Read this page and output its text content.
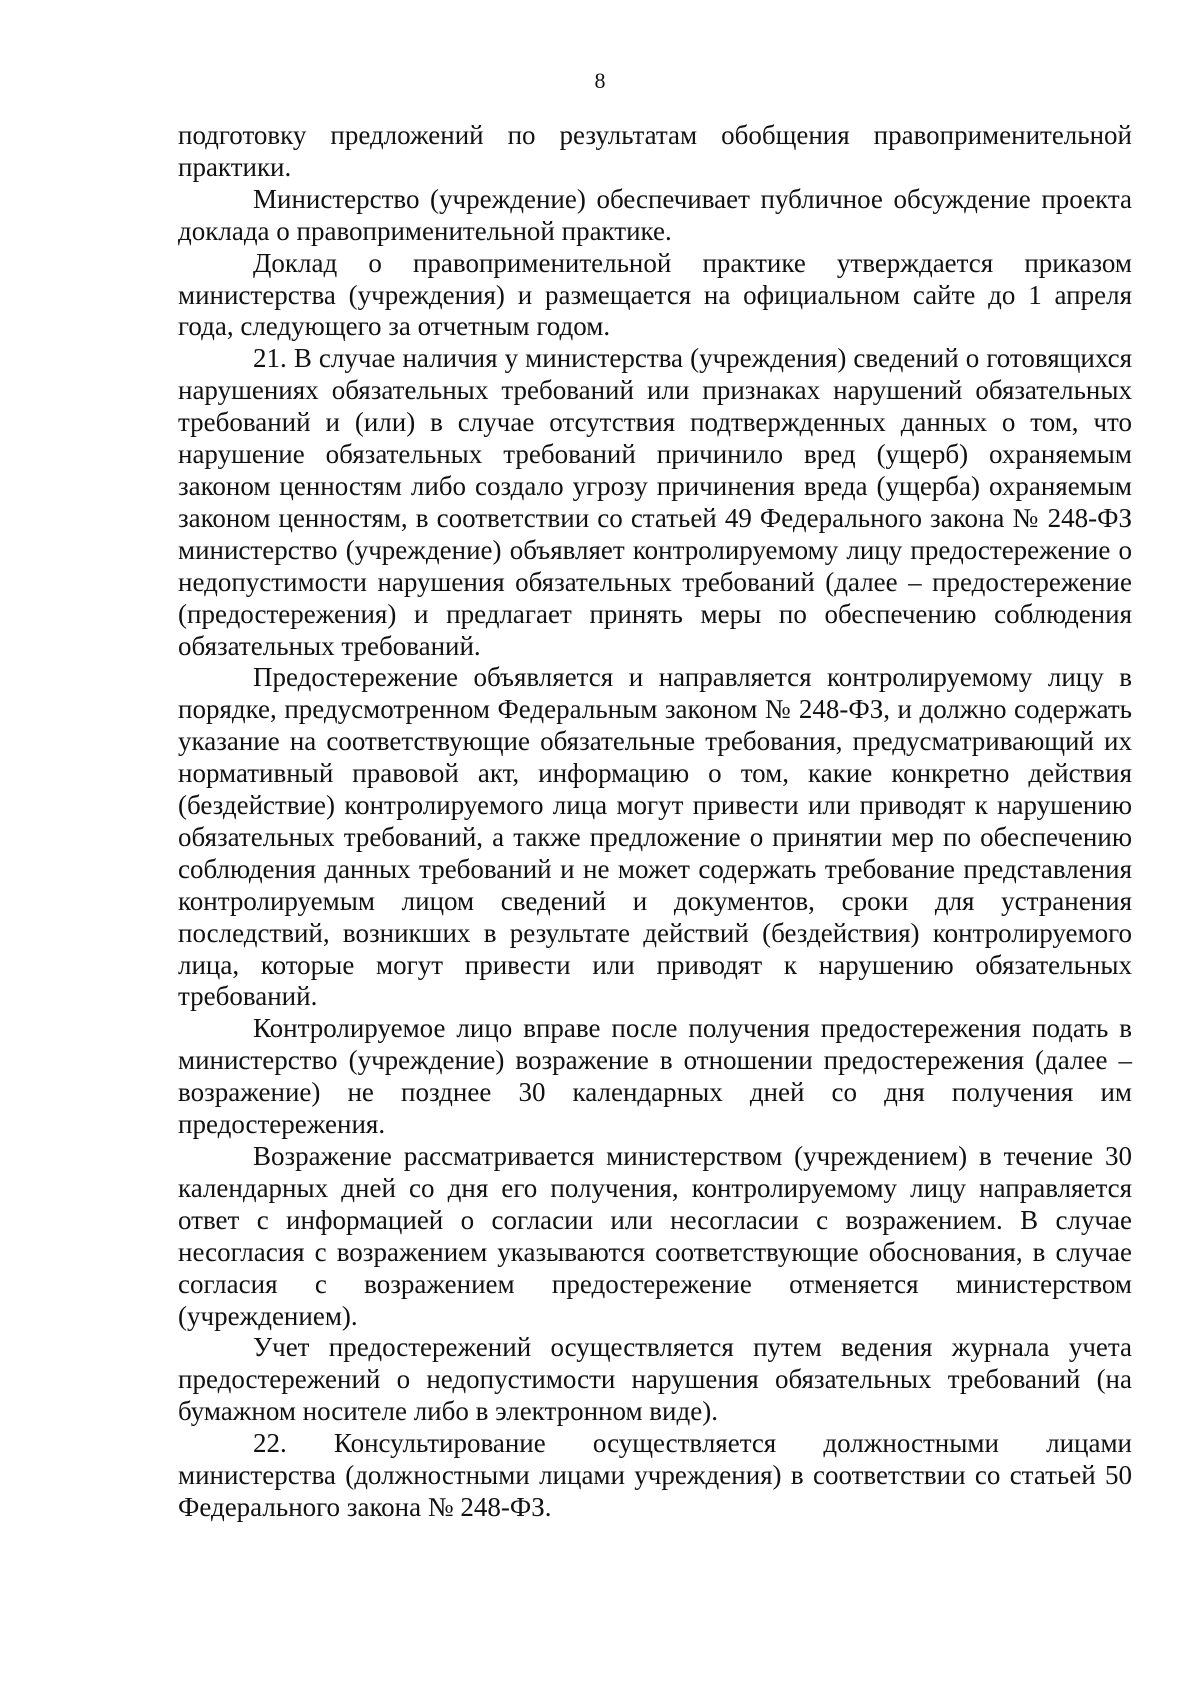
8

подготовку предложений по результатам обобщения правоприменительной практики.

Министерство (учреждение) обеспечивает публичное обсуждение проекта доклада о правоприменительной практике.

Доклад о правоприменительной практике утверждается приказом министерства (учреждения) и размещается на официальном сайте до 1 апреля года, следующего за отчетным годом.

21. В случае наличия у министерства (учреждения) сведений о готовящихся нарушениях обязательных требований или признаках нарушений обязательных требований и (или) в случае отсутствия подтвержденных данных о том, что нарушение обязательных требований причинило вред (ущерб) охраняемым законом ценностям либо создало угрозу причинения вреда (ущерба) охраняемым законом ценностям, в соответствии со статьей 49 Федерального закона № 248-ФЗ министерство (учреждение) объявляет контролируемому лицу предостережение о недопустимости нарушения обязательных требований (далее – предостережение (предостережения) и предлагает принять меры по обеспечению соблюдения обязательных требований.

Предостережение объявляется и направляется контролируемому лицу в порядке, предусмотренном Федеральным законом № 248-ФЗ, и должно содержать указание на соответствующие обязательные требования, предусматривающий их нормативный правовой акт, информацию о том, какие конкретно действия (бездействие) контролируемого лица могут привести или приводят к нарушению обязательных требований, а также предложение о принятии мер по обеспечению соблюдения данных требований и не может содержать требование представления контролируемым лицом сведений и документов, сроки для устранения последствий, возникших в результате действий (бездействия) контролируемого лица, которые могут привести или приводят к нарушению обязательных требований.

Контролируемое лицо вправе после получения предостережения подать в министерство (учреждение) возражение в отношении предостережения (далее – возражение) не позднее 30 календарных дней со дня получения им предостережения.

Возражение рассматривается министерством (учреждением) в течение 30 календарных дней со дня его получения, контролируемому лицу направляется ответ с информацией о согласии или несогласии с возражением. В случае несогласия с возражением указываются соответствующие обоснования, в случае согласия с возражением предостережение отменяется министерством (учреждением).

Учет предостережений осуществляется путем ведения журнала учета предостережений о недопустимости нарушения обязательных требований (на бумажном носителе либо в электронном виде).

22. Консультирование осуществляется должностными лицами министерства (должностными лицами учреждения) в соответствии со статьей 50 Федерального закона № 248-ФЗ.
